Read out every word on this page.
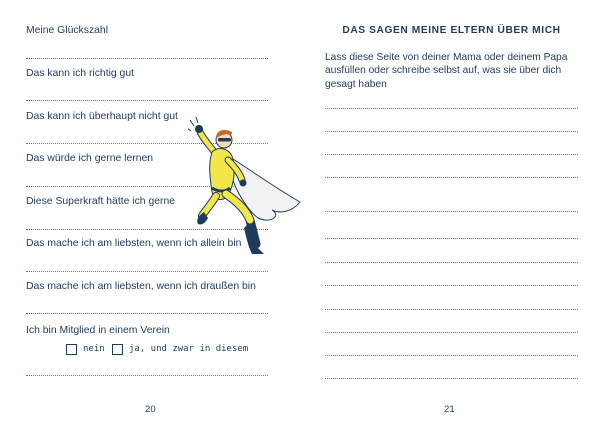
Meine Glückszahl
Das kann ich richtig gut
Das kann ich überhaupt nicht gut
Das würde ich gerne lernen
Diese Superkraft hätte ich gerne
Das mache ich am liebsten, wenn ich allein bin
Das mache ich am liebsten, wenn ich draußen bin
Ich bin Mitglied in einem Verein
nein	ja, und zwar in diesem
20
DAS SAGEN MEINE ELTERN ÜBER MICH
Lass diese Seite von deiner Mama oder deinem Papa ausfüllen oder schreibe selbst auf, was sie über dich gesagt haben
21
